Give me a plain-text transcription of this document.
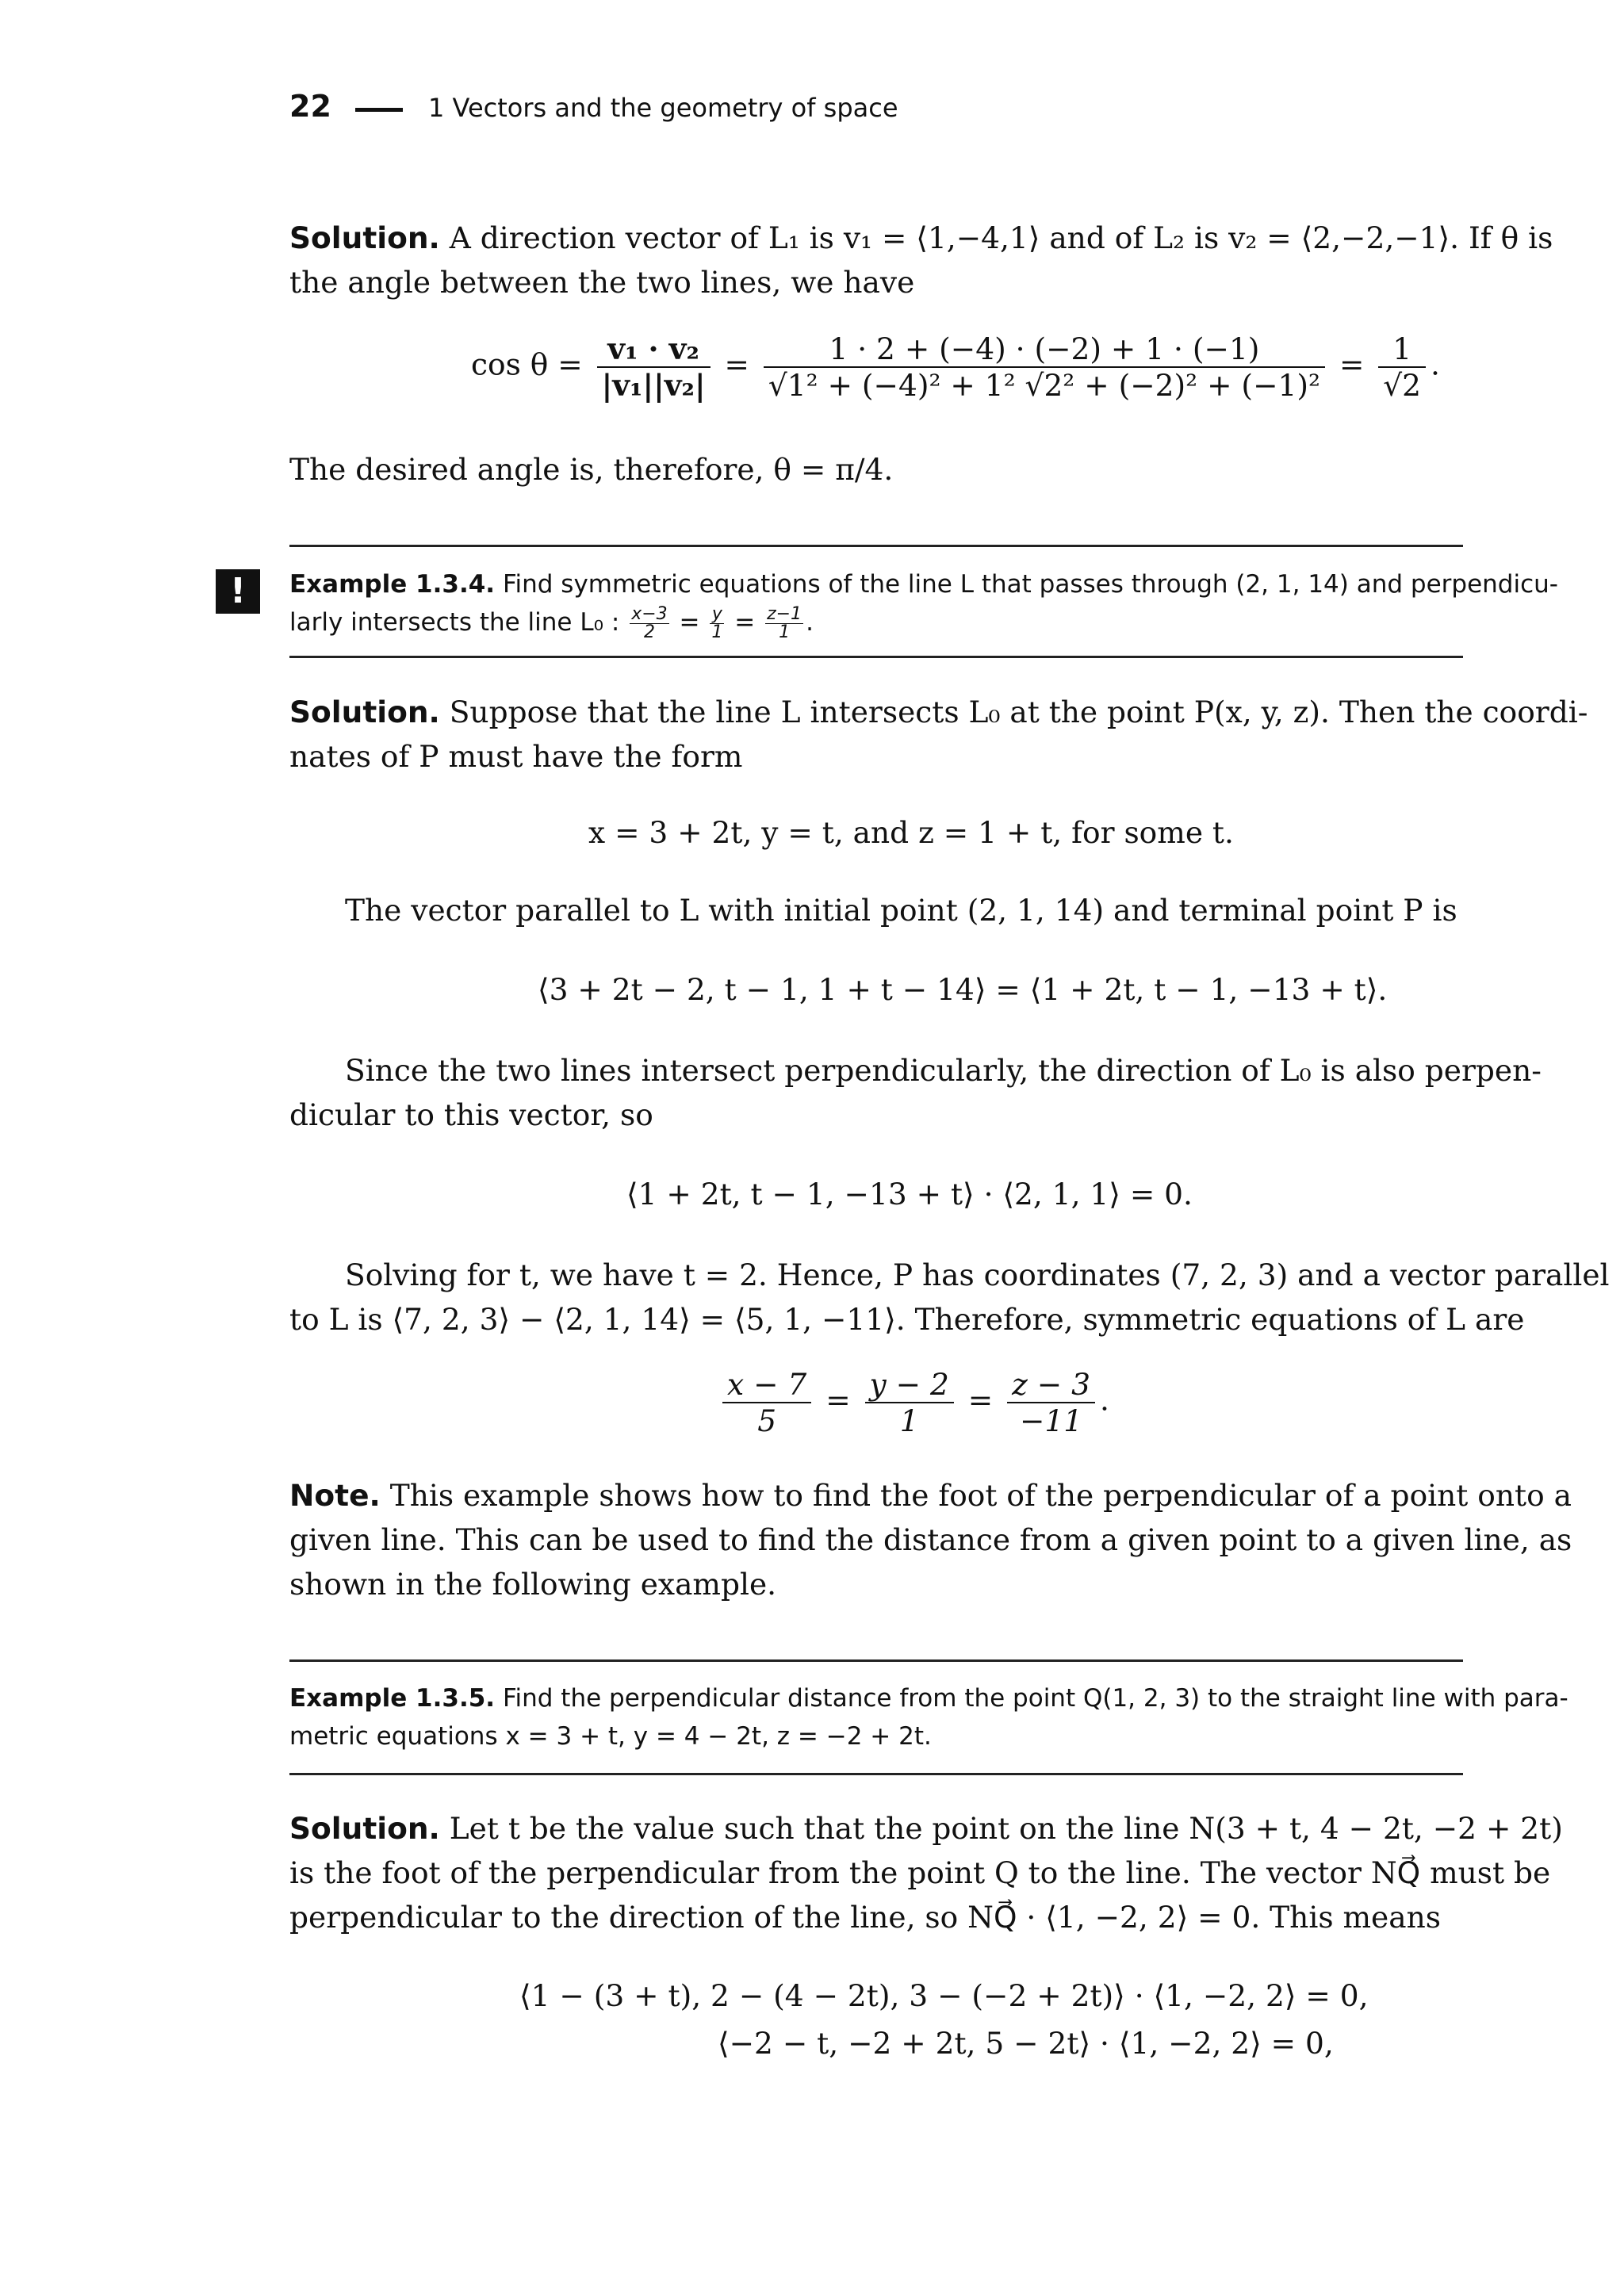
22	1 Vectors and the geometry of space
Solution. A direction vector of L₁ is v₁ = ⟨1,−4,1⟩ and of L₂ is v₂ = ⟨2,−2,−1⟩. If θ is
the angle between the two lines, we have
$\cos \theta = \frac{\text{v₁ · v₂}}{\text{|v₁||v₂|}} = \frac{1 \cdot 2 + (-4) \cdot (-2) + 1 \cdot (-1)}{\text{√1² + (−4)² + 1² √2² + (−2)² + (−1)²}} = \frac{1}{√2}$ .
The desired angle is, therefore, θ = π/4.
!	Example 1.3.4. Find symmetric equations of the line L that passes through (2, 1, 14) and perpendicu-
larly intersects the line L₀ : $\frac{x-3}{2} = \frac{y}{1} = \frac{z-1}{1}$ .
Solution. Suppose that the line L intersects L₀ at the point P(x, y, z). Then the coordi-
nates of P must have the form
x = 3 + 2t, y = t, and z = 1 + t, for some t.
The vector parallel to L with initial point (2, 1, 14) and terminal point P is
⟨3 + 2t − 2, t − 1, 1 + t − 14⟩ = ⟨1 + 2t, t − 1, −13 + t⟩.
Since the two lines intersect perpendicularly, the direction of L₀ is also perpen-
dicular to this vector, so
⟨1 + 2t, t − 1, −13 + t⟩ · ⟨2, 1, 1⟩ = 0.
Solving for t, we have t = 2. Hence, P has coordinates (7, 2, 3) and a vector parallel
to L is ⟨7, 2, 3⟩ − ⟨2, 1, 14⟩ = ⟨5, 1, −11⟩. Therefore, symmetric equations of L are
$\frac{x - 7}{5} = \frac{y - 2}{1} = \frac{z - 3}{-11}$ .
Note. This example shows how to find the foot of the perpendicular of a point onto a
given line. This can be used to find the distance from a given point to a given line, as
shown in the following example.
Example 1.3.5. Find the perpendicular distance from the point Q(1, 2, 3) to the straight line with para-
metric equations x = 3 + t, y = 4 − 2t, z = −2 + 2t.
Solution. Let t be the value such that the point on the line N(3 + t, 4 − 2t, −2 + 2t)
is the foot of the perpendicular from the point Q to the line. The vector NQ⃗ must be
perpendicular to the direction of the line, so NQ⃗ · ⟨1, −2, 2⟩ = 0. This means
⟨1 − (3 + t), 2 − (4 − 2t), 3 − (−2 + 2t)⟩ · ⟨1, −2, 2⟩ = 0,
⟨−2 − t, −2 + 2t, 5 − 2t⟩ · ⟨1, −2, 2⟩ = 0,
